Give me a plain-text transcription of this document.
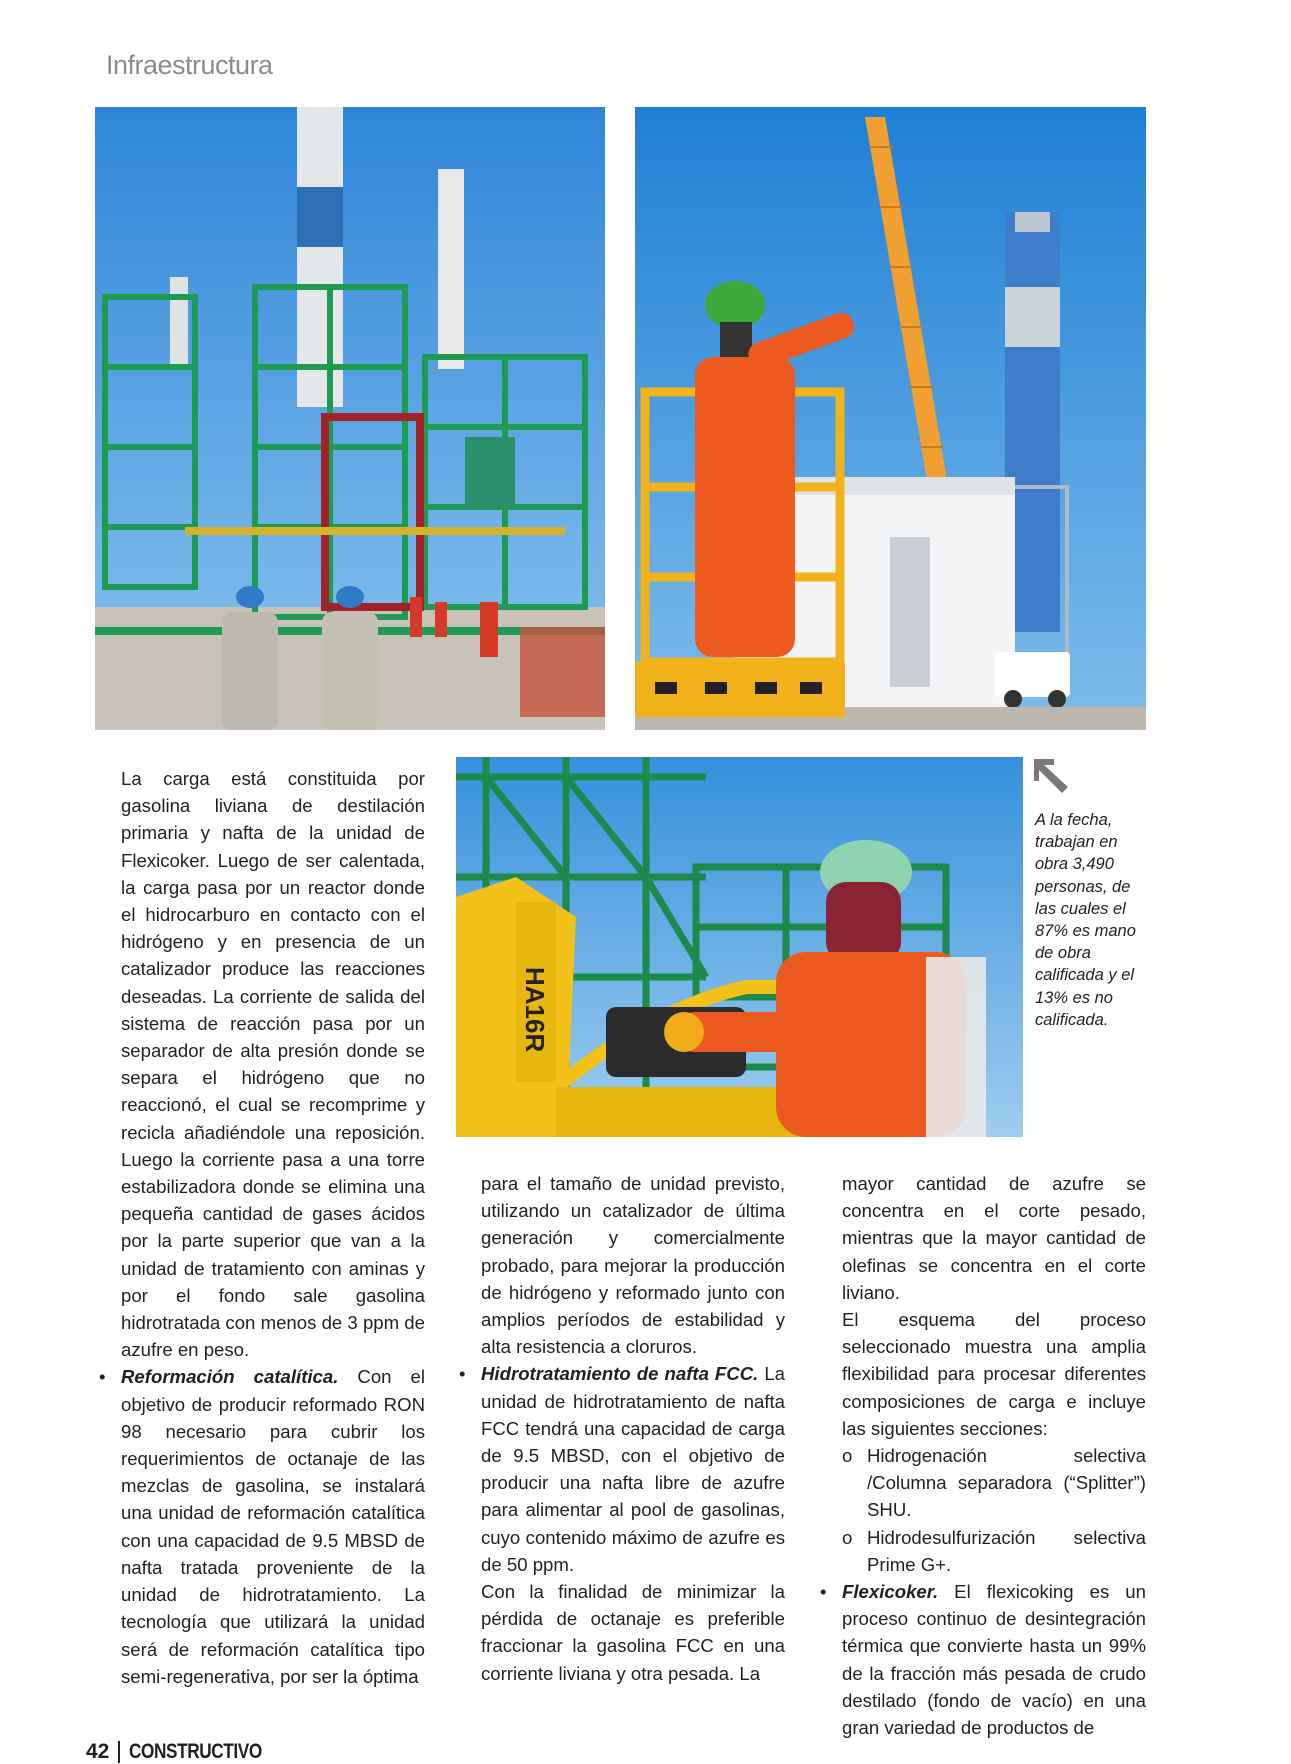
Infraestructura
HA16R
A la fecha, trabajan en obra 3,490 personas, de las cuales el 87% es mano de obra calificada y el 13% es no calificada.

La carga está constituida por gasolina liviana de destilación primaria y nafta de la unidad de Flexicoker. Luego de ser calentada, la carga pasa por un reactor donde el hidrocarburo en contacto con el hidrógeno y en presencia de un catalizador produce las reacciones deseadas. La corriente de salida del sistema de reacción pasa por un separador de alta presión donde se separa el hidrógeno que no reaccionó, el cual se recomprime y recicla añadiéndole una reposición. Luego la corriente pasa a una torre estabilizadora donde se elimina una pequeña cantidad de gases ácidos por la parte superior que van a la unidad de tratamiento con aminas y por el fondo sale gasolina hidrotratada con menos de 3 ppm de azufre en peso.

• Reformación catalítica. Con el objetivo de producir reformado RON 98 necesario para cubrir los requerimientos de octanaje de las mezclas de gasolina, se instalará una unidad de reformación catalítica con una capacidad de 9.5 MBSD de nafta tratada proveniente de la unidad de hidrotratamiento. La tecnología que utilizará la unidad será de reformación catalítica tipo semi-regenerativa, por ser la óptima

para el tamaño de unidad previsto, utilizando un catalizador de última generación y comercialmente probado, para mejorar la producción de hidrógeno y reformado junto con amplios períodos de estabilidad y alta resistencia a cloruros.

• Hidrotratamiento de nafta FCC. La unidad de hidrotratamiento de nafta FCC tendrá una capacidad de carga de 9.5 MBSD, con el objetivo de producir una nafta libre de azufre para alimentar al pool de gasolinas, cuyo contenido máximo de azufre es de 50 ppm.

Con la finalidad de minimizar la pérdida de octanaje es preferible fraccionar la gasolina FCC en una corriente liviana y otra pesada. La

mayor cantidad de azufre se concentra en el corte pesado, mientras que la mayor cantidad de olefinas se concentra en el corte liviano.

El esquema del proceso seleccionado muestra una amplia flexibilidad para procesar diferentes composiciones de carga e incluye las siguientes secciones:

o Hidrogenación selectiva /Columna separadora (“Splitter”) SHU.

o Hidrodesulfurización selectiva Prime G+.

• Flexicoker. El flexicoking es un proceso continuo de desintegración térmica que convierte hasta un 99% de la fracción más pesada de crudo destilado (fondo de vacío) en una gran variedad de productos de

42 CONSTRUCTIVO
